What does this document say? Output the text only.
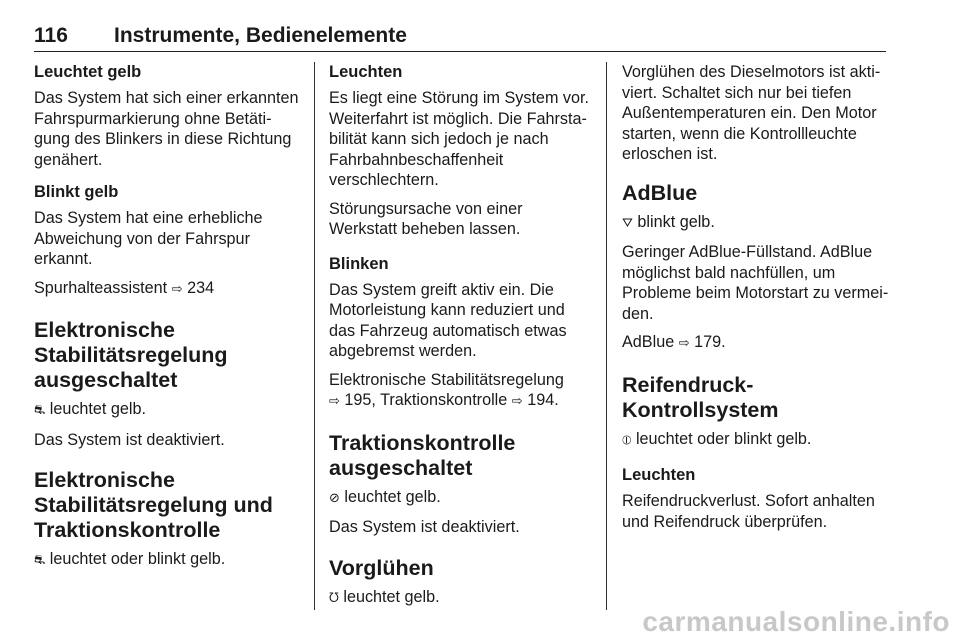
116 Instrumente, Bedienelemente
Leuchtet gelb
Das System hat sich einer erkannten Fahrspurmarkierung ohne Betätigung des Blinkers in diese Richtung genähert.
Blinkt gelb
Das System hat eine erhebliche Abweichung von der Fahrspur erkannt.
Spurhalteassistent ⇨ 234
Elektronische Stabilitätsregelung ausgeschaltet
⛐ leuchtet gelb.
Das System ist deaktiviert.
Elektronische Stabilitätsregelung und Traktionskontrolle
⛐ leuchtet oder blinkt gelb.
Leuchten
Es liegt eine Störung im System vor. Weiterfahrt ist möglich. Die Fahrstabilität kann sich jedoch je nach Fahrbahnbeschaffenheit verschlechtern.
Störungsursache von einer Werkstatt beheben lassen.
Blinken
Das System greift aktiv ein. Die Motorleistung kann reduziert und das Fahrzeug automatisch etwas abgebremst werden.
Elektronische Stabilitätsregelung
⇨ 195, Traktionskontrolle ⇨ 194.
Traktionskontrolle ausgeschaltet
⊘ leuchtet gelb.
Das System ist deaktiviert.
Vorglühen
ᘮ leuchtet gelb.
Vorglühen des Dieselmotors ist aktiviert. Schaltet sich nur bei tiefen Außentemperaturen ein. Den Motor starten, wenn die Kontrollleuchte erloschen ist.
AdBlue
⛛ blinkt gelb.
Geringer AdBlue-Füllstand. AdBlue möglichst bald nachfüllen, um Probleme beim Motorstart zu vermeiden.
AdBlue ⇨ 179.
Reifendruck-Kontrollsystem
⦶ leuchtet oder blinkt gelb.
Leuchten
Reifendruckverlust. Sofort anhalten und Reifendruck überprüfen.
carmanualsonline.info
